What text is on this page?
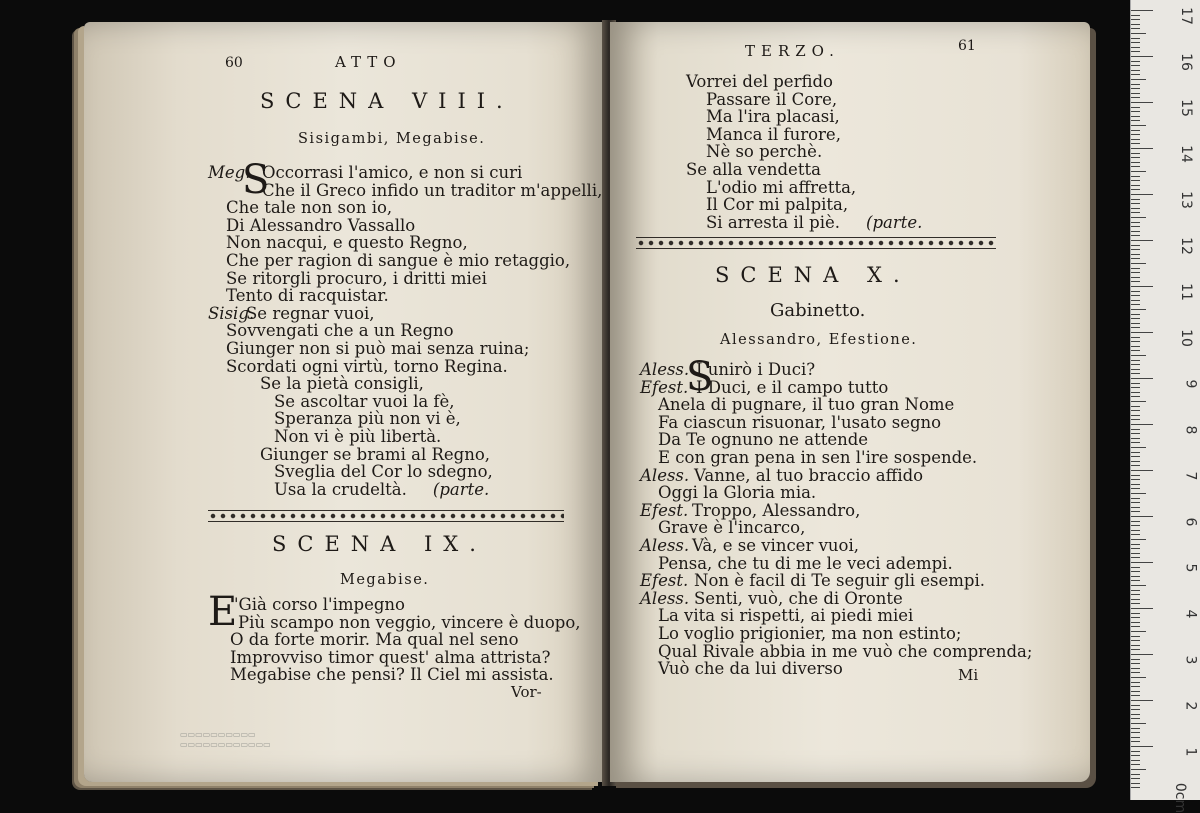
60	ATTO
SCENA VIII.
Sisigambi, Megabise.
S
Meg. Occorrasi l'amico, e non si curi
Che il Greco infido un traditor m'appelli,
Che tale non son io,
Di Alessandro Vassallo
Non nacqui, e questo Regno,
Che per ragion di sangue è mio retaggio,
Se ritorgli procuro, i dritti miei
Tento di racquistar.
Sisig.
Se regnar vuoi,
Sovvengati che a un Regno
Giunger non si può mai senza ruina;
Scordati ogni virtù, torno Regina.
Se la pietà consigli,
Se ascoltar vuoi la fè,
Speranza più non vi è,
Non vi è più libertà.
Giunger se brami al Regno,
Sveglia del Cor lo sdegno,
Usa la crudeltà. (parte.
SCENA IX.
Megabise.
E
'Già corso l'impegno
Più scampo non veggio, vincere è duopo,
O da forte morir. Ma qual nel seno
Improvviso timor quest' alma attrista?
Megabise che pensi? Il Ciel mi assista.
Vor-
▭▭▭▭▭▭▭▭▭▭
▭▭▭▭▭▭▭▭▭▭▭▭
TERZO.	61
Vorrei del perfido
Passare il Core,
Ma l'ira placasi,
Manca il furore,
Nè so perchè.
Se alla vendetta
L'odio mi affretta,
Il Cor mi palpita,
Si arresta il piè. (parte.
SCENA X.
Gabinetto.
Alessandro, Efestione.
S
Aless. I unirò i Duci?
Efest. I Duci, e il campo tutto
Anela di pugnare, il tuo gran Nome
Fa ciascun risuonar, l'usato segno
Da Te ognuno ne attende
E con gran pena in sen l'ire sospende.
Aless. Vanne, al tuo braccio affido
Oggi la Gloria mia.
Efest. Troppo, Alessandro,
Grave è l'incarco,
Aless. Và, e se vincer vuoi,
Pensa, che tu di me le veci adempi.
Efest. Non è facil di Te seguir gli esempi.
Aless. Senti, vuò, che di Oronte
La vita si rispetti, ai piedi miei
Lo voglio prigionier, ma non estinto;
Qual Rivale abbia in me vuò che comprenda;
Vuò che da lui diverso	Mi
17
16
15
14
13
12
11
10
9
8
7
6
5
4
3
2
1
0cm
